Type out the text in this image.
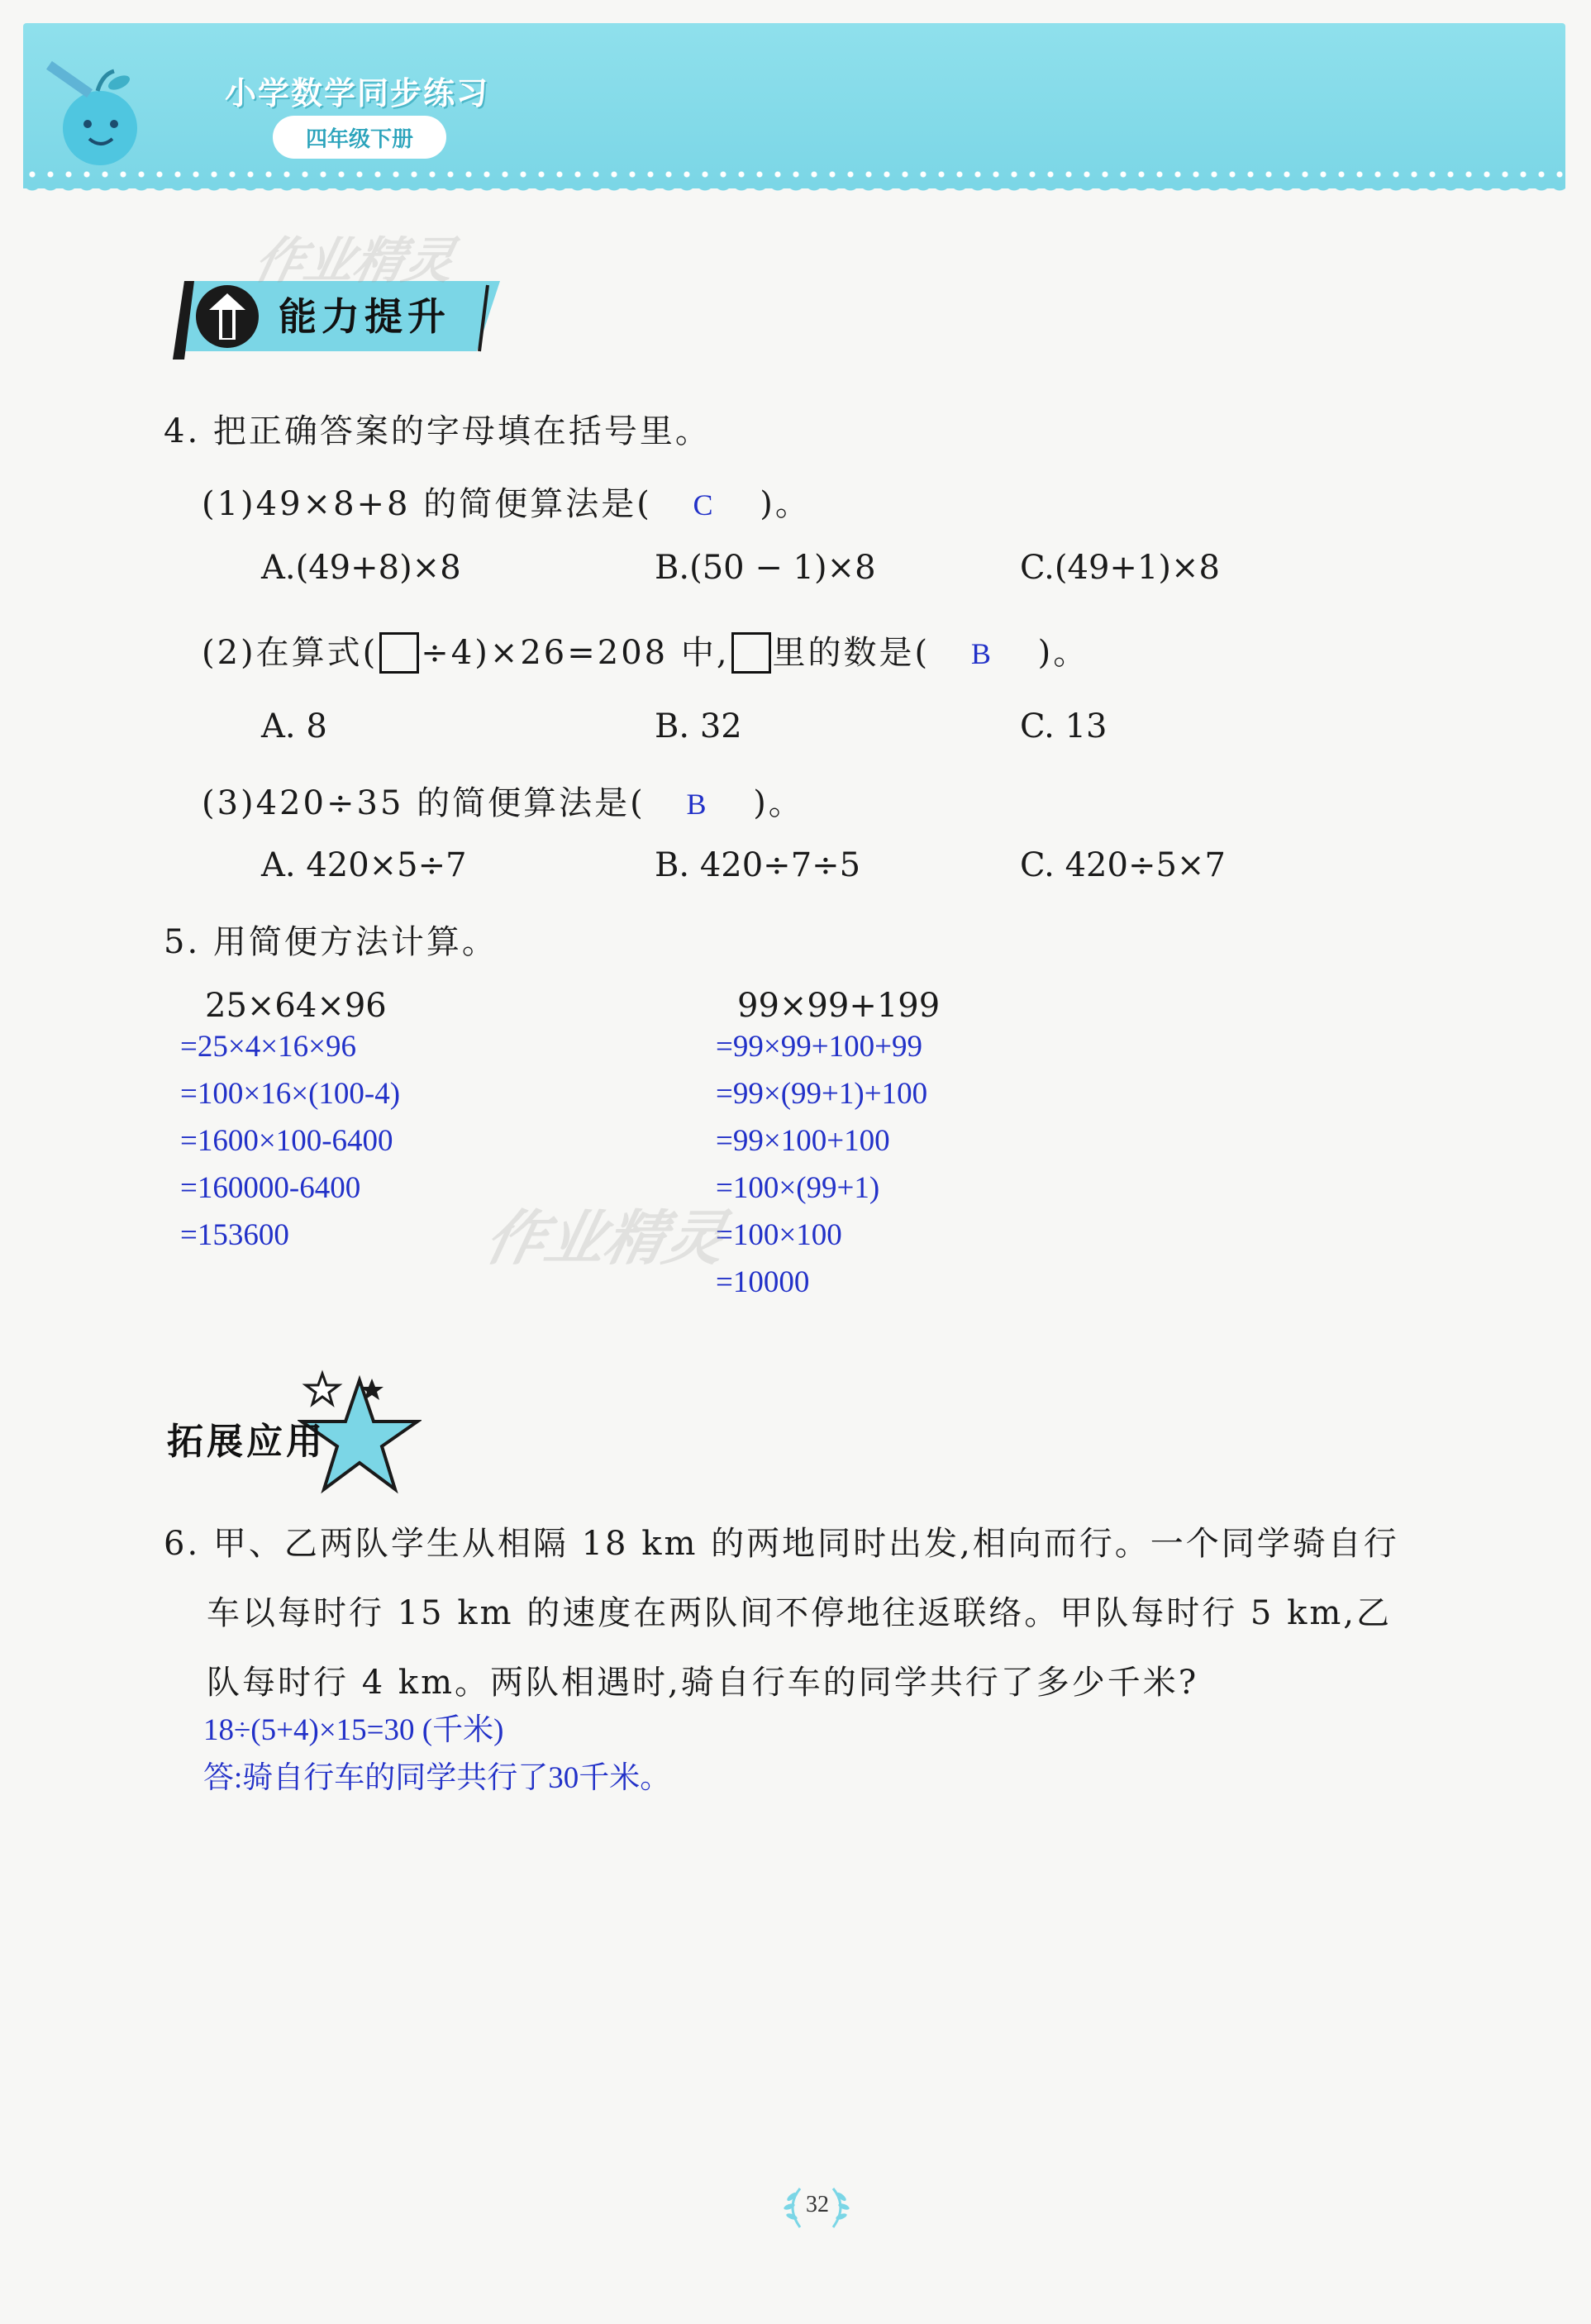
小学数学同步练习
四年级下册
能力提升
作业精灵
4. 把正确答案的字母填在括号里。
(1)49×8+8 的简便算法是( C )。
A.(49+8)×8	B.(50 − 1)×8	C.(49+1)×8
(2)在算式( ÷4)×26=208 中, 里的数是( B )。
A. 8	B. 32	C. 13
(3)420÷35 的简便算法是( B )。
A. 420×5÷7	B. 420÷7÷5	C. 420÷5×7
5. 用简便方法计算。
25×64×96
=25×4×16×96
=100×16×(100-4)
=1600×100-6400
=160000-6400
=153600
99×99+199
=99×99+100+99
=99×(99+1)+100
=99×100+100
=100×(99+1)
=100×100
=10000
作业精灵
拓展应用
6. 甲、乙两队学生从相隔 18 km 的两地同时出发,相向而行。一个同学骑自行
车以每时行 15 km 的速度在两队间不停地往返联络。甲队每时行 5 km,乙
队每时行 4 km。两队相遇时,骑自行车的同学共行了多少千米?
18÷(5+4)×15=30 (千米)
答:骑自行车的同学共行了30千米。
32
